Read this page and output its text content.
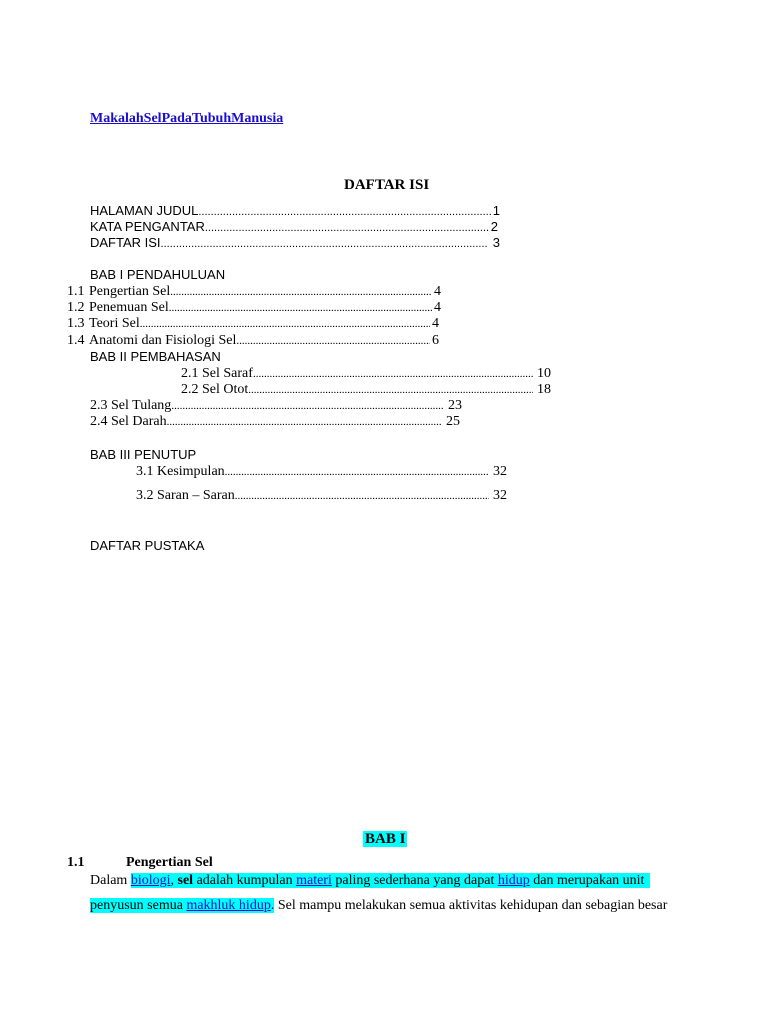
MakalahSelPadaTubuhManusia
DAFTAR ISI
HALAMAN JUDUL .....	1
KATA PENGANTAR .....	2
DAFTAR ISI .....	3
BAB I PENDAHULUAN
1.1 Pengertian Sel .....	4
1.2 Penemuan Sel .....	4
1.3 Teori Sel .....	4
1.4 Anatomi dan Fisiologi Sel .....	6
BAB II PEMBAHASAN
2.1 Sel Saraf .....	10
2.2 Sel Otot .....	18
2.3 Sel Tulang .....	23
2.4 Sel Darah .....	25
BAB III PENUTUP
3.1 Kesimpulan .....	32
3.2 Saran – Saran .....	32
DAFTAR PUSTAKA
BAB I
1.1	Pengertian Sel
Dalam biologi, sel adalah kumpulan materi paling sederhana yang dapat hidup dan merupakan unit
penyusun semua makhluk hidup. Sel mampu melakukan semua aktivitas kehidupan dan sebagian besar
